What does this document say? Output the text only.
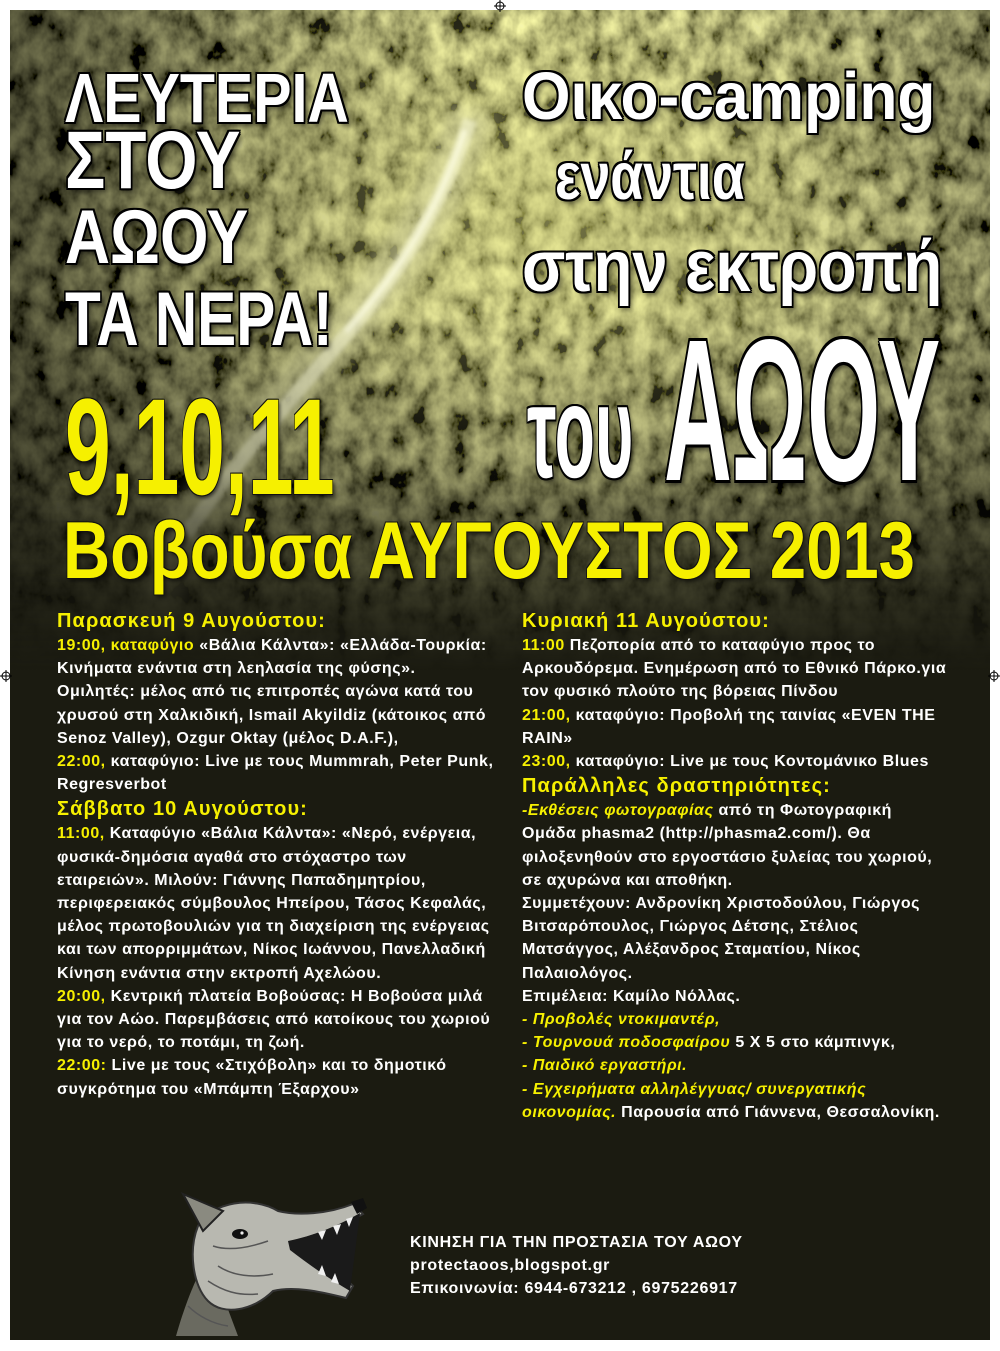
ΛΕΥΤΕΡΙΑ
ΣΤΟΥ
ΑΩΟΥ
ΤΑ ΝΕΡΑ!
9,10,11
Οικο-camping
ενάντια
στην εκτροπή
του ΑΩΟΥ
Βοβούσα ΑΥΓΟΥΣΤΟΣ 2013
Παρασκευή 9 Αυγούστου:

19:00, καταφύγιο «Βάλια Κάλντα»: «Ελλάδα-Τουρκία: Κινήματα ενάντια στη λεηλασία της φύσης». Ομιλητές: μέλος από τις επιτροπές αγώνα κατά του χρυσού στη Χαλκιδική, Ismail Akyildiz (κάτοικος από Senoz Valley), Ozgur Oktay (μέλος D.A.F.),

22:00, καταφύγιο: Live με τους Mummrah, Peter Punk, Regresverbot

Σάββατο 10 Αυγούστου:

11:00, Καταφύγιο «Βάλια Κάλντα»: «Νερό, ενέργεια, φυσικά-δημόσια αγαθά στο στόχαστρο των εταιρειών». Μιλούν: Γιάννης Παπαδημητρίου, περιφερειακός σύμβουλος Ηπείρου, Τάσος Κεφαλάς, μέλος πρωτοβουλιών για τη διαχείριση της ενέργειας και των απορριμμάτων, Νίκος Ιωάννου, Πανελλαδική Κίνηση ενάντια στην εκτροπή Αχελώου.

20:00, Κεντρική πλατεία Βοβούσας: Η Βοβούσα μιλά για τον Αώο. Παρεμβάσεις από κατοίκους του χωριού για το νερό, το ποτάμι, τη ζωή.

22:00: Live με τους «Στιχόβολη» και το δημοτικό συγκρότημα του «Μπάμπη Έξαρχου»

Κυριακή 11 Αυγούστου:

11:00 Πεζοπορία από το καταφύγιο προς το Αρκουδόρεμα. Ενημέρωση από το Εθνικό Πάρκο.για τον φυσικό πλούτο της βόρειας Πίνδου

21:00, καταφύγιο: Προβολή της ταινίας «EVEN THE RAIN»

23:00, καταφύγιο: Live με τους Κοντομάνικο Blues

Παράλληλες δραστηριότητες:

-Εκθέσεις φωτογραφίας από τη Φωτογραφική Ομάδα phasma2 (http://phasma2.com/). Θα φιλοξενηθούν στο εργοστάσιο ξυλείας του χωριού, σε αχυρώνα και αποθήκη.

Συμμετέχουν: Ανδρονίκη Χριστοδούλου, Γιώργος Βιτσαρόπουλος, Γιώργος Δέτσης, Στέλιος Ματσάγγος, Αλέξανδρος Σταματίου, Νίκος Παλαιολόγος.

Επιμέλεια: Καμίλο Νόλλας.

- Προβολές ντοκιμαντέρ,

- Τουρνουά ποδοσφαίρου 5 Χ 5 στο κάμπινγκ,

- Παιδικό εργαστήρι.

- Εγχειρήματα αλληλέγγυας/ συνεργατικής οικονομίας. Παρουσία από Γιάννενα, Θεσσαλονίκη.

ΚΙΝΗΣΗ ΓΙΑ ΤΗΝ ΠΡΟΣΤΑΣΙΑ ΤΟΥ ΑΩΟΥ
protectaoos,blogspot.gr
Επικοινωνία: 6944-673212 , 6975226917
